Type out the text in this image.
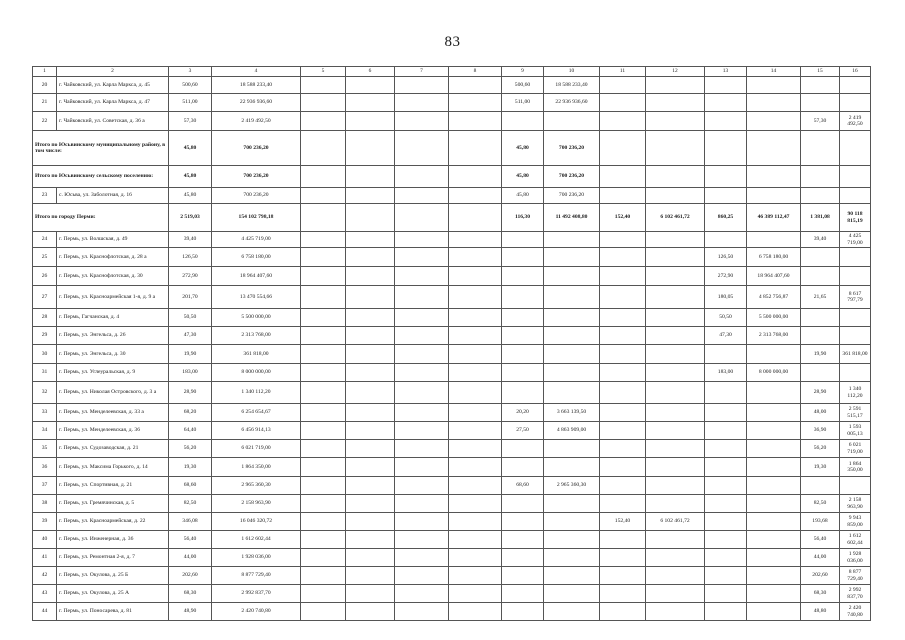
83
1	2	3	4	5	6	7	8	9	10	11	12	13	14	15	16
20	г. Чайковский, ул. Карла Маркса, д. 45	500,60	18 588 233,40					500,60	18 588 233,40						
21	г. Чайковский, ул. Карла Маркса, д. 47	511,00	22 936 936,60					511,00	22 936 936,60						
22	г. Чайковский, ул. Советская, д. 36 а	57,30	2 419 492,50											57,30	2 419 492,50
Итого по Юсьвинскому муниципальному району, в том числе:		45,80	700 236,20					45,80	700 236,20						
Итого по Юсьвинскому сельскому поселению:		45,80	700 236,20					45,80	700 236,20						
23	с. Юсьва, ул. Заболотная, д. 16	45,80	700 236,20					45,80	700 236,20						
Итого по городу Перми:		2 519,03	154 102 798,18					116,30	11 492 408,80	152,40	6 102 461,72	860,25	46 389 112,47	1 381,08	90 118 815,19
24	г. Пермь, ул. Волшская, д. 49	39,40	4 425 719,00											39,40	4 425 719,00
25	г. Пермь, ул. Краснофлотская, д. 28 а	126,50	6 758 180,00									126,50	6 758 180,00		
26	г. Пермь, ул. Краснофлотская, д. 30	272,90	18 964 407,60									272,90	18 964 407,60		
27	г. Пермь, ул. Красноармейская 1-я, д. 9 а	201,70	13 470 554,66									180,05	4 852 756,87	21,65	8 617 797,79
28	г. Пермь, Гагчанская, д. 4	50,50	5 500 000,00									50,50	5 500 000,00		
29	г. Пермь, ул. Энгельса, д. 26	47,30	2 313 768,00									47,30	2 313 768,00		
30	г. Пермь, ул. Энгельса, д. 30	19,90	361 818,00											19,90	361 818,00
31	г. Пермь, ул. Углеуральская, д. 9	183,00	8 000 000,00									183,00	8 000 000,00		
32	г. Пермь, ул. Николая Островского, д. 3 а	28,90	1 340 112,20											28,90	1 340 112,20
33	г. Пермь, ул. Менделеевская, д. 33 а	68,20	6 254 654,67					20,20	3 663 139,50					48,00	2 591 515,17
34	г. Пермь, ул. Менделеевская, д. 36	64,40	6 456 914,13					27,50	4 863 909,00					36,90	1 593 005,13
35	г. Пермь, ул. Судозаводская, д. 21	56,20	6 021 719,00											56,20	6 021 719,00
36	г. Пермь, ул. Максима Горького, д. 14	19,30	1 864 350,00											19,30	1 864 350,00
37	г. Пермь, ул. Спортивная, д. 21	68,60	2 965 360,30					68,60	2 965 360,30						
38	г. Пермь, ул. Гремячинская, д. 5	82,50	2 158 963,90											82,50	2 158 963,90
39	г. Пермь, ул. Красноармейская, д. 22	346,08	16 046 320,72							152,40	6 102 461,72			193,68	9 943 859,00
40	г. Пермь, ул. Инженерная, д. 36	56,40	1 612 602,44											56,40	1 612 602,44
41	г. Пермь, ул. Ремонтная 2-я, д. 7	44,00	1 928 036,00											44,00	1 928 036,00
42	г. Пермь, ул. Окулова, д. 25 Б	202,60	8 877 729,40											202,60	8 877 729,40
43	г. Пермь, ул. Окулова, д. 25 А	68,30	2 992 837,70											68,30	2 992 837,70
44	г. Пермь, ул. Поносарева, д. 81	48,90	2 420 740,80											48,80	2 420 740,80
